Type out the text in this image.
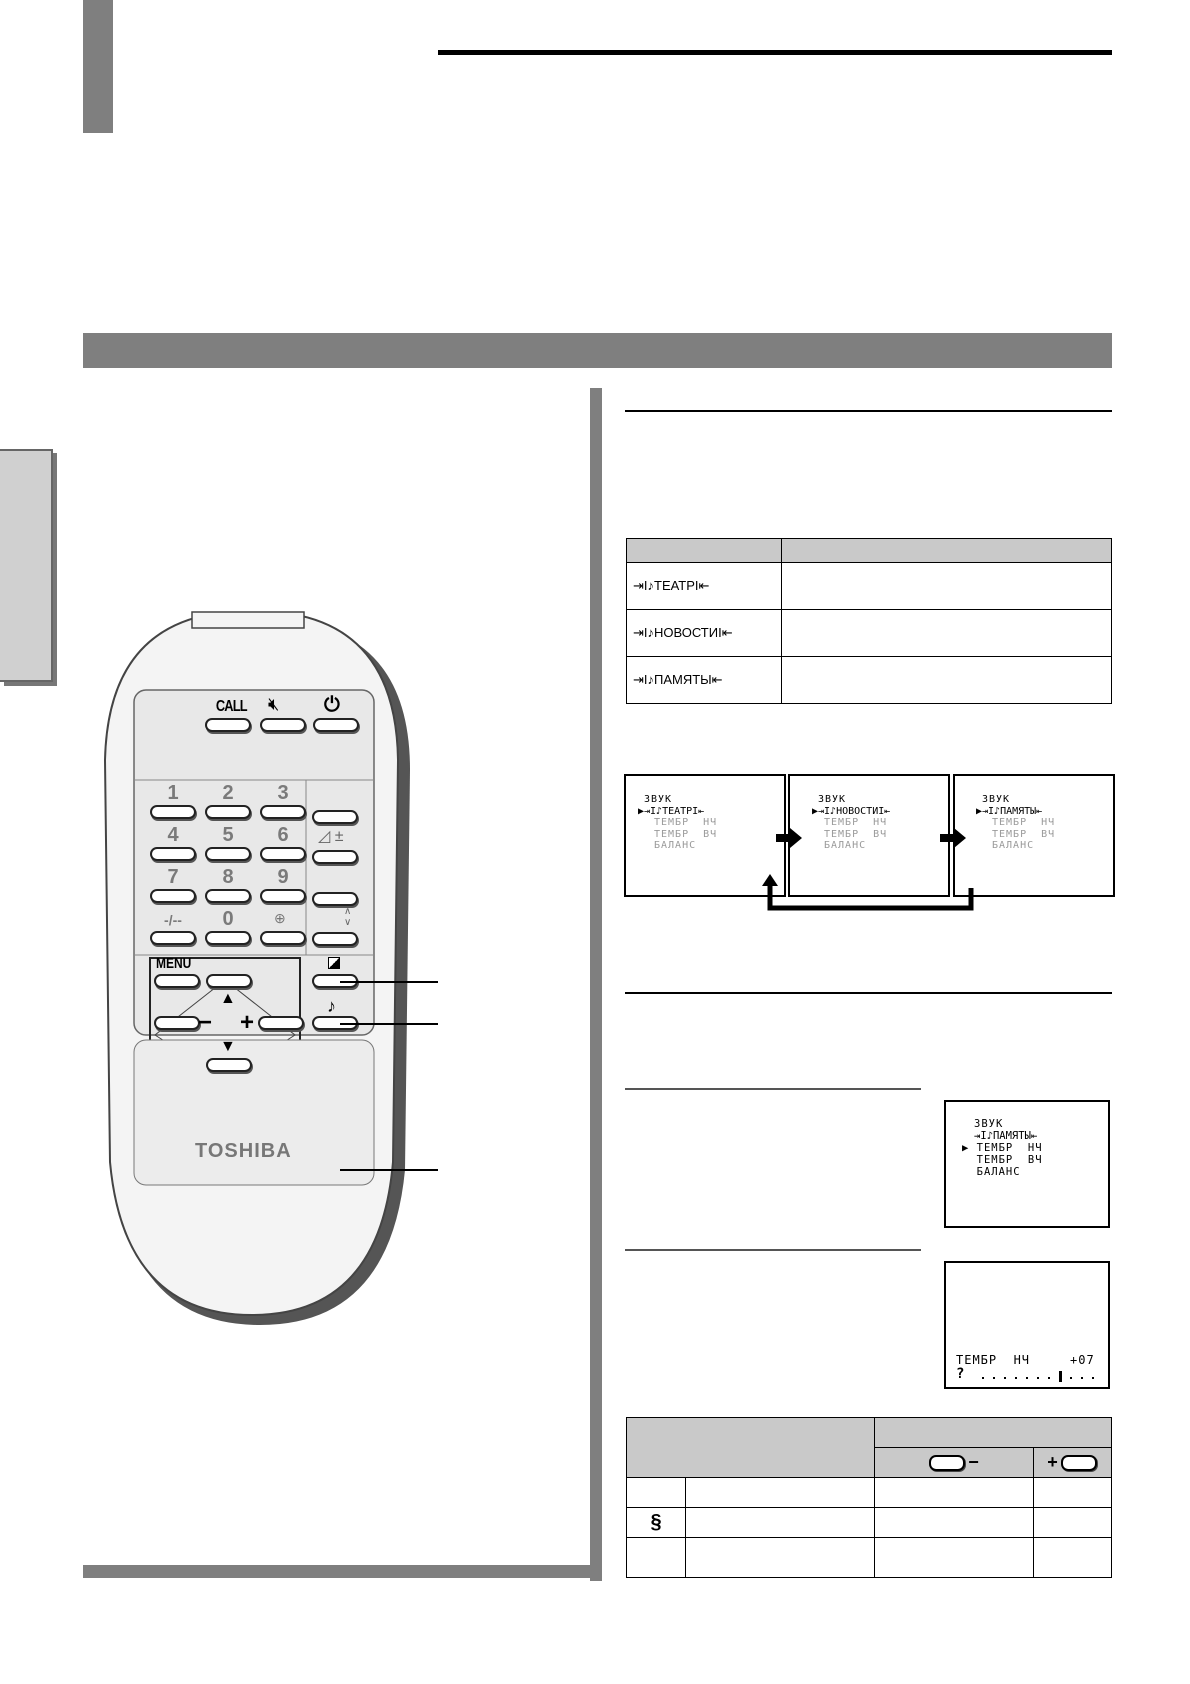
CALL 🔇︎ ⏻
1	2	3
4	5	6
7	8	9
-/--	0	⊕
◿ ±
∧ ∨
MENU
▲
− +
▼
♪
TOSHIBA

⇥І♪ТЕАТРІ⇤	
⇥І♪НОВОСТИІ⇤	
⇥І♪ПАМЯТЫ⇤	
ЗВУК
▶⇥І♪ТЕАТРІ⇤
ТЕМБР  НЧ
ТЕМБР  ВЧ
БАЛАНС
ЗВУК
▶⇥І♪НОВОСТИІ⇤
ТЕМБР  НЧ
ТЕМБР  ВЧ
БАЛАНС
ЗВУК
▶⇥І♪ПАМЯТЫ⇤
ТЕМБР  НЧ
ТЕМБР  ВЧ
БАЛАНС
ЗВУК
⇥І♪ПАМЯТЫ⇤
▶ ТЕМБР  НЧ
ТЕМБР  ВЧ
БАЛАНС
ТЕМБР  НЧ	+07
?

		−	+

§			
